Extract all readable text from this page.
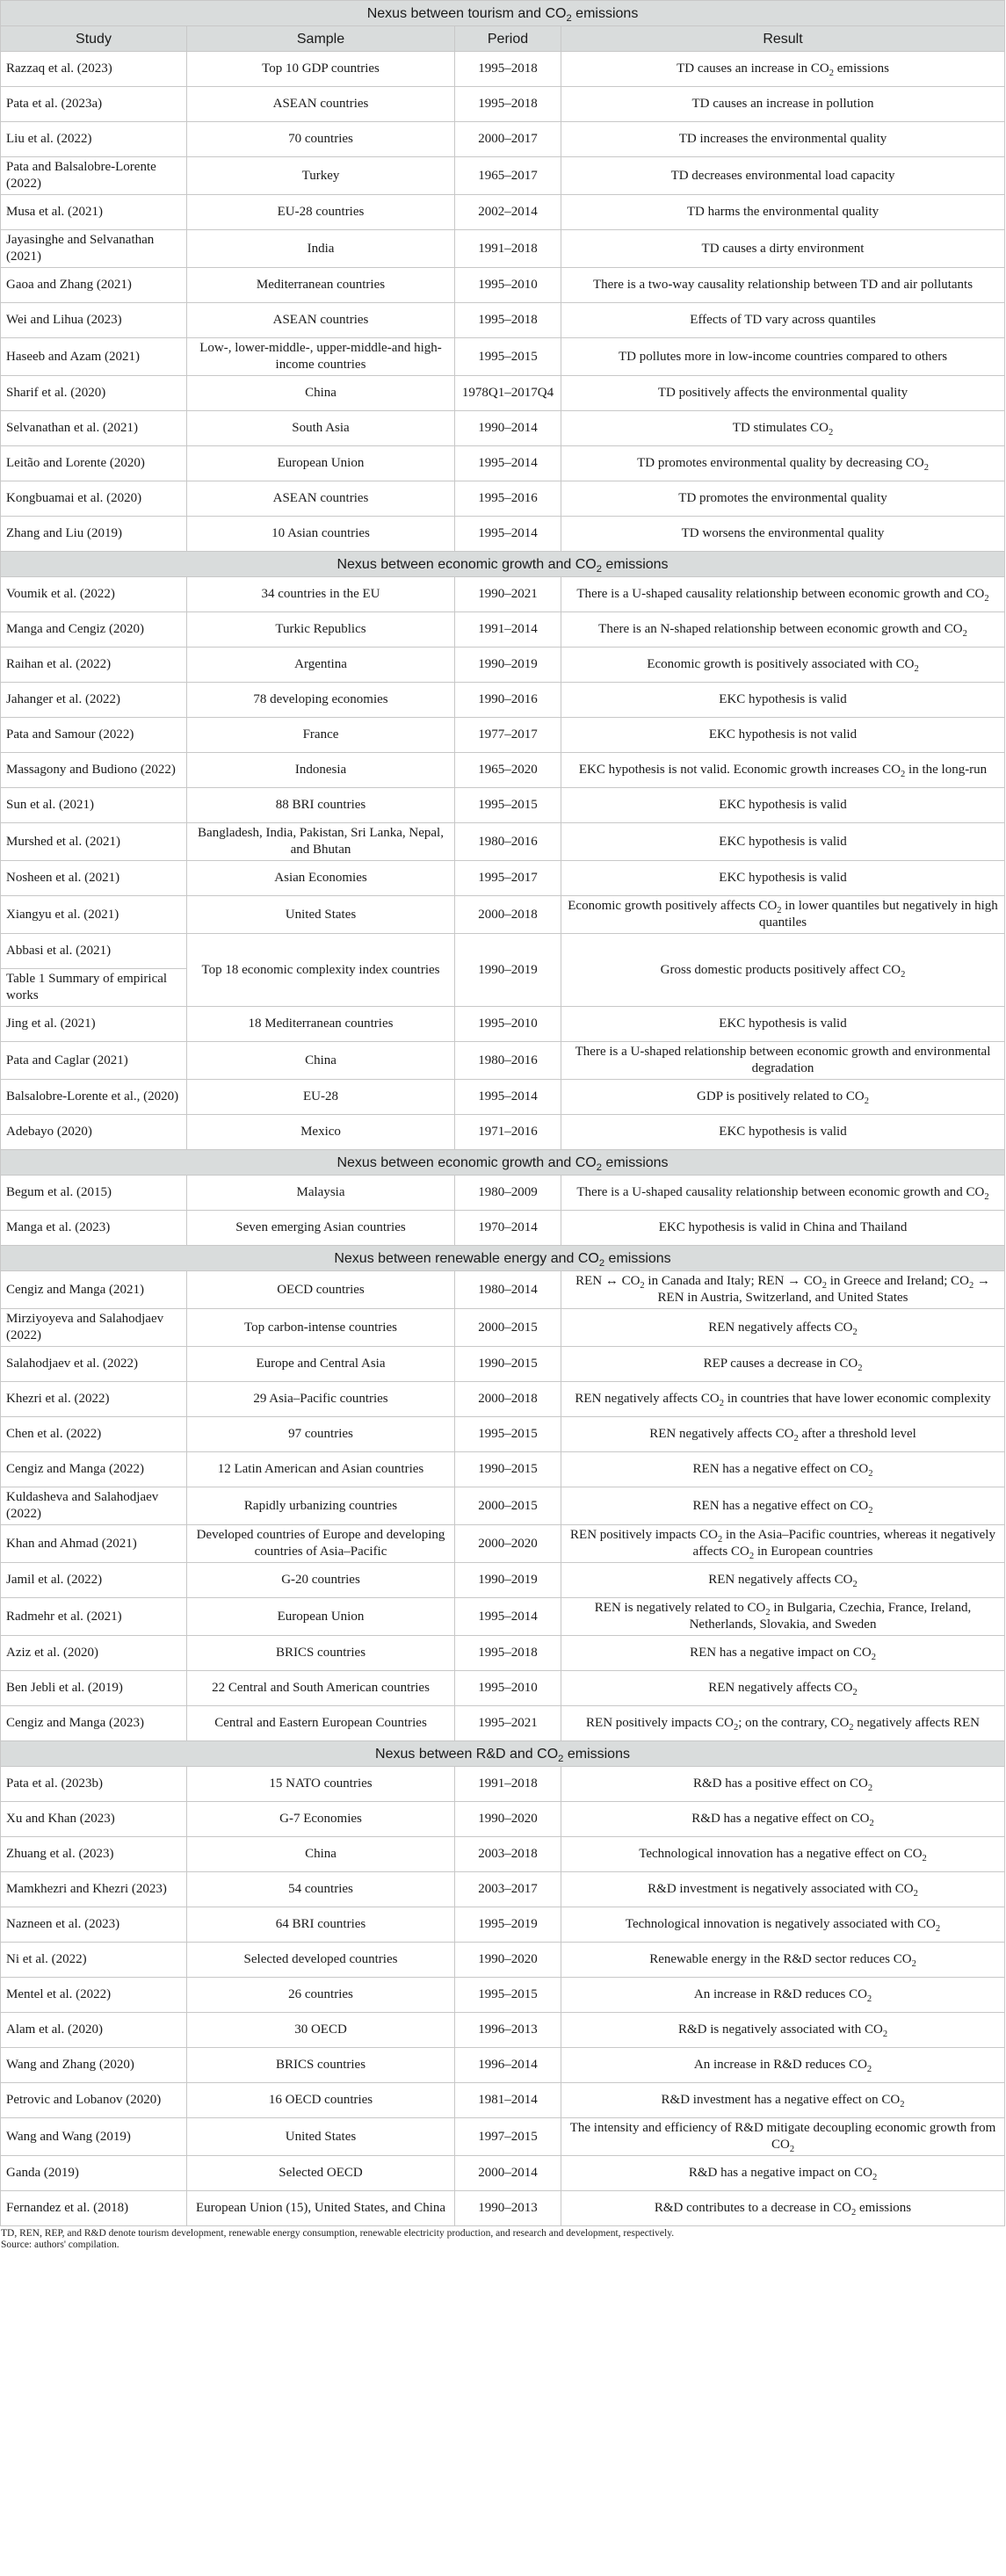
Nexus between tourism and $CO_2$ emissions			
Study	Sample	Period	Result
Razzaq et al. (2023)	Top 10 GDP countries	1995–2018	TD causes an increase in $CO_2$ emissions
Pata et al. (2023a)	ASEAN countries	1995–2018	TD causes an increase in pollution
Liu et al. (2022)	70 countries	2000–2017	TD increases the environmental quality
Pata and Balsalobre-Lorente (2022)	Turkey	1965–2017	TD decreases environmental load capacity
Musa et al. (2021)	EU-28 countries	2002–2014	TD harms the environmental quality
Jayasinghe and Selvanathan (2021)	India	1991–2018	TD causes a dirty environment
Gaoa and Zhang (2021)	Mediterranean countries	1995–2010	There is a two-way causality relationship between TD and air pollutants
Wei and Lihua (2023)	ASEAN countries	1995–2018	Effects of TD vary across quantiles
Haseeb and Azam (2021)	Low-, lower-middle-, upper-middle-and high-income countries	1995–2015	TD pollutes more in low-income countries compared to others
Sharif et al. (2020)	China	1978Q1–2017Q4	TD positively affects the environmental quality
Selvanathan et al. (2021)	South Asia	1990–2014	TD stimulates $CO_2$
Leitão and Lorente (2020)	European Union	1995–2014	TD promotes environmental quality by decreasing $CO_2$
Kongbuamai et al. (2020)	ASEAN countries	1995–2016	TD promotes the environmental quality
Zhang and Liu (2019)	10 Asian countries	1995–2014	TD worsens the environmental quality
Nexus between economic growth and $CO_2$ emissions			
Voumik et al. (2022)	34 countries in the EU	1990–2021	There is a U-shaped causality relationship between economic growth and $CO_2$
Manga and Cengiz (2020)	Turkic Republics	1991–2014	There is an N-shaped relationship between economic growth and $CO_2$
Raihan et al. (2022)	Argentina	1990–2019	Economic growth is positively associated with $CO_2$
Jahanger et al. (2022)	78 developing economies	1990–2016	EKC hypothesis is valid
Pata and Samour (2022)	France	1977–2017	EKC hypothesis is not valid
Massagony and Budiono (2022)	Indonesia	1965–2020	EKC hypothesis is not valid. Economic growth increases $CO_2$ in the long-run
Sun et al. (2021)	88 BRI countries	1995–2015	EKC hypothesis is valid
Murshed et al. (2021)	Bangladesh, India, Pakistan, Sri Lanka, Nepal, and Bhutan	1980–2016	EKC hypothesis is valid
Nosheen et al. (2021)	Asian Economies	1995–2017	EKC hypothesis is valid
Xiangyu et al. (2021)	United States	2000–2018	Economic growth positively affects $CO_2$ in lower quantiles but negatively in high quantiles
Abbasi et al. (2021)	Top 18 economic complexity index countries	1990–2019	Gross domestic products positively affect $CO_2$
Table 1 Summary of empirical works			
Jing et al. (2021)	18 Mediterranean countries	1995–2010	EKC hypothesis is valid
Pata and Caglar (2021)	China	1980–2016	There is a U-shaped relationship between economic growth and environmental degradation
Balsalobre-Lorente et al., (2020)	EU-28	1995–2014	GDP is positively related to $CO_2$
Adebayo (2020)	Mexico	1971–2016	EKC hypothesis is valid
Nexus between economic growth and $CO_2$ emissions			
Begum et al. (2015)	Malaysia	1980–2009	There is a U-shaped causality relationship between economic growth and $CO_2$
Manga et al. (2023)	Seven emerging Asian countries	1970–2014	EKC hypothesis is valid in China and Thailand
Nexus between renewable energy and $CO_2$ emissions			
Cengiz and Manga (2021)	OECD countries	1980–2014	REN ↔ $CO_2$ in Canada and Italy; REN → $CO_2$ in Greece and Ireland; $CO_2$ → REN in Austria, Switzerland, and United States
Mirziyoyeva and Salahodjaev (2022)	Top carbon-intense countries	2000–2015	REN negatively affects $CO_2$
Salahodjaev et al. (2022)	Europe and Central Asia	1990–2015	REP causes a decrease in $CO_2$
Khezri et al. (2022)	29 Asia–Pacific countries	2000–2018	REN negatively affects $CO_2$ in countries that have lower economic complexity
Chen et al. (2022)	97 countries	1995–2015	REN negatively affects $CO_2$ after a threshold level
Cengiz and Manga (2022)	12 Latin American and Asian countries	1990–2015	REN has a negative effect on $CO_2$
Kuldasheva and Salahodjaev (2022)	Rapidly urbanizing countries	2000–2015	REN has a negative effect on $CO_2$
Khan and Ahmad (2021)	Developed countries of Europe and developing countries of Asia–Pacific	2000–2020	REN positively impacts $CO_2$ in the Asia–Pacific countries, whereas it negatively affects $CO_2$ in European countries
Jamil et al. (2022)	G-20 countries	1990–2019	REN negatively affects $CO_2$
Radmehr et al. (2021)	European Union	1995–2014	REN is negatively related to $CO_2$ in Bulgaria, Czechia, France, Ireland, Netherlands, Slovakia, and Sweden
Aziz et al. (2020)	BRICS countries	1995–2018	REN has a negative impact on $CO_2$
Ben Jebli et al. (2019)	22 Central and South American countries	1995–2010	REN negatively affects $CO_2$
Cengiz and Manga (2023)	Central and Eastern European Countries	1995–2021	REN positively impacts $CO_2$; on the contrary, $CO_2$ negatively affects REN
Nexus between R&D and $CO_2$ emissions			
Pata et al. (2023b)	15 NATO countries	1991–2018	R&D has a positive effect on $CO_2$
Xu and Khan (2023)	G-7 Economies	1990–2020	R&D has a negative effect on $CO_2$
Zhuang et al. (2023)	China	2003–2018	Technological innovation has a negative effect on $CO_2$
Mamkhezri and Khezri (2023)	54 countries	2003–2017	R&D investment is negatively associated with $CO_2$
Nazneen et al. (2023)	64 BRI countries	1995–2019	Technological innovation is negatively associated with $CO_2$
Ni et al. (2022)	Selected developed countries	1990–2020	Renewable energy in the R&D sector reduces $CO_2$
Mentel et al. (2022)	26 countries	1995–2015	An increase in R&D reduces $CO_2$
Alam et al. (2020)	30 OECD	1996–2013	R&D is negatively associated with $CO_2$
Wang and Zhang (2020)	BRICS countries	1996–2014	An increase in R&D reduces $CO_2$
Petrovic and Lobanov (2020)	16 OECD countries	1981–2014	R&D investment has a negative effect on $CO_2$
Wang and Wang (2019)	United States	1997–2015	The intensity and efficiency of R&D mitigate decoupling economic growth from $CO_2$
Ganda (2019)	Selected OECD	2000–2014	R&D has a negative impact on $CO_2$
Fernandez et al. (2018)	European Union (15), United States, and China	1990–2013	R&D contributes to a decrease in $CO_2$ emissions
TD, REN, REP, and R&D denote tourism development, renewable energy consumption, renewable electricity production, and research and development, respectively.
Source: authors' compilation.
